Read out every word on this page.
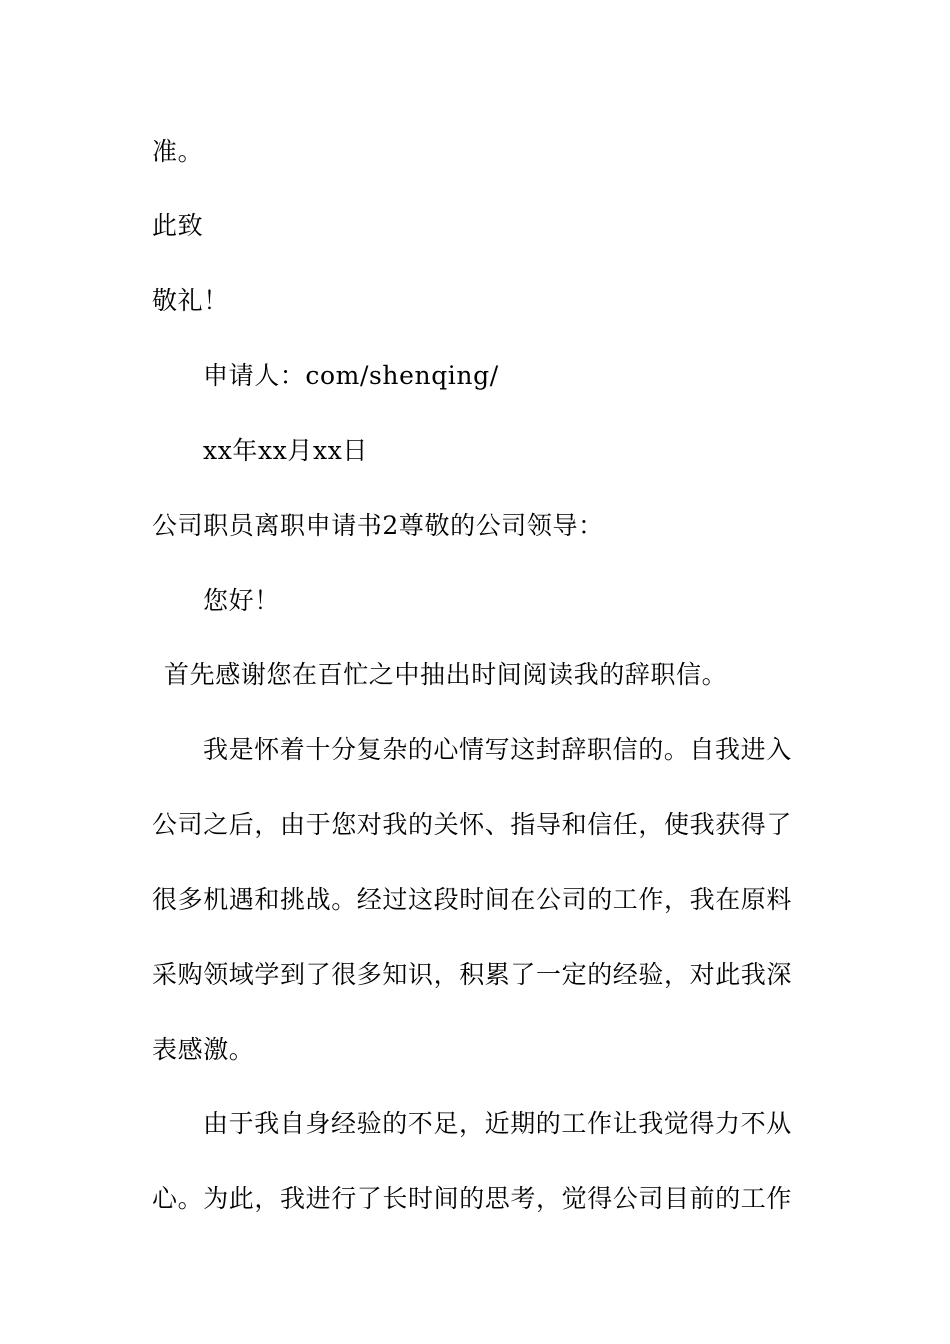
准。
此致
敬礼！
申请人：com/shenqing/
xx年xx月xx日
公司职员离职申请书2尊敬的公司领导：
您好！
首先感谢您在百忙之中抽出时间阅读我的辞职信。
我是怀着十分复杂的心情写这封辞职信的。自我进入
公司之后，由于您对我的关怀、指导和信任，使我获得了
很多机遇和挑战。经过这段时间在公司的工作，我在原料
采购领域学到了很多知识，积累了一定的经验，对此我深
表感激。
由于我自身经验的不足，近期的工作让我觉得力不从
心。为此，我进行了长时间的思考，觉得公司目前的工作
